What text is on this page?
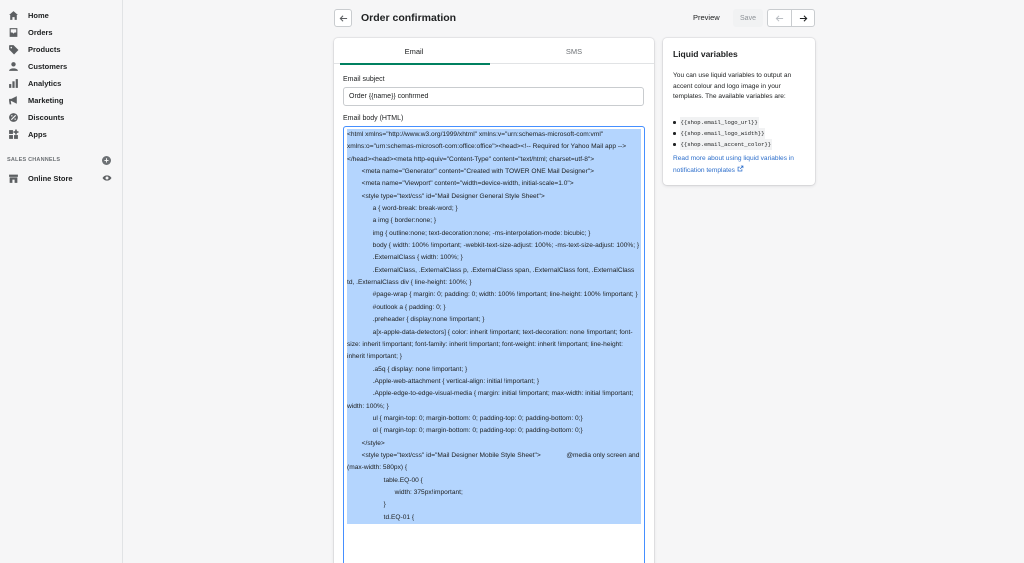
Home
Orders
Products
Customers
Analytics
Marketing
Discounts
Apps
SALES CHANNELS	+
Online Store
Order confirmation	Preview	Save
Email	SMS
Email subject
Order {{name}} confirmed
Email body (HTML)
<html xmlns="http://www.w3.org/1999/xhtml" xmlns:v="urn:schemas-microsoft-com:vml" xmlns:o="urn:schemas-microsoft-com:office:office"><head><!-- Required for Yahoo Mail app --></head><head><meta http-equiv="Content-Type" content="text/html; charset=utf-8">
<meta name="Generator" content="Created with TOWER ONE Mail Designer">
<meta name="Viewport" content="width=device-width, initial-scale=1.0">
<style type="text/css" id="Mail Designer General Style Sheet">
a { word-break: break-word; }
a img { border:none; }
img { outline:none; text-decoration:none; -ms-interpolation-mode: bicubic; }
body { width: 100% !important; -webkit-text-size-adjust: 100%; -ms-text-size-adjust: 100%; }
.ExternalClass { width: 100%; }
.ExternalClass, .ExternalClass p, .ExternalClass span, .ExternalClass font, .ExternalClass td, .ExternalClass div { line-height: 100%; }
#page-wrap { margin: 0; padding: 0; width: 100% !important; line-height: 100% !important; }
#outlook a { padding: 0; }
.preheader { display:none !important; }
a[x-apple-data-detectors] { color: inherit !important; text-decoration: none !important; font-size: inherit !important; font-family: inherit !important; font-weight: inherit !important; line-height: inherit !important; }
.a5q { display: none !important; }
.Apple-web-attachment { vertical-align: initial !important; }
.Apple-edge-to-edge-visual-media { margin: initial !important; max-width: initial !important; width: 100%; }
ul { margin-top: 0; margin-bottom: 0; padding-top: 0; padding-bottom: 0;}
ol { margin-top: 0; margin-bottom: 0; padding-top: 0; padding-bottom: 0;}
</style>
<style type="text/css" id="Mail Designer Mobile Style Sheet">              @media only screen and (max-width: 580px) {
table.EQ-00 {
width: 375px!important;
}
td.EQ-01 {
Liquid variables
You can use liquid variables to output an accent colour and logo image in your templates. The available variables are:
{{shop.email_logo_url}}
{{shop.email_logo_width}}
{{shop.email_accent_color}}
Read more about using liquid variables in notification templates
